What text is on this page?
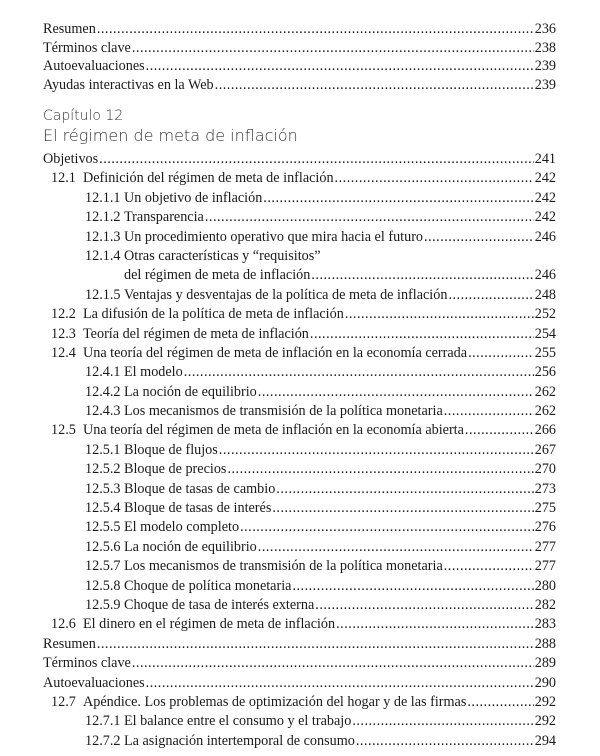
Resumen .....	236
Términos clave .....	238
Autoevaluaciones .....	239
Ayudas interactivas en la Web .....	239
Capítulo 12
El régimen de meta de inflación
Objetivos .....	241
12.1 Definición del régimen de meta de inflación .....	242
12.1.1 Un objetivo de inflación .....	242
12.1.2 Transparencia .....	242
12.1.3 Un procedimiento operativo que mira hacia el futuro .....	246
12.1.4 Otras características y “requisitos”
del régimen de meta de inflación .....	246
12.1.5 Ventajas y desventajas de la política de meta de inflación .....	248
12.2 La difusión de la política de meta de inflación .....	252
12.3 Teoría del régimen de meta de inflación .....	254
12.4 Una teoría del régimen de meta de inflación en la economía cerrada .....	255
12.4.1 El modelo .....	256
12.4.2 La noción de equilibrio .....	262
12.4.3 Los mecanismos de transmisión de la política monetaria .....	262
12.5 Una teoría del régimen de meta de inflación en la economía abierta .....	266
12.5.1 Bloque de flujos .....	267
12.5.2 Bloque de precios .....	270
12.5.3 Bloque de tasas de cambio .....	273
12.5.4 Bloque de tasas de interés .....	275
12.5.5 El modelo completo .....	276
12.5.6 La noción de equilibrio .....	277
12.5.7 Los mecanismos de transmisión de la política monetaria .....	277
12.5.8 Choque de política monetaria .....	280
12.5.9 Choque de tasa de interés externa .....	282
12.6 El dinero en el régimen de meta de inflación .....	283
Resumen .....	288
Términos clave .....	289
Autoevaluaciones .....	290
12.7 Apéndice. Los problemas de optimización del hogar y de las firmas .....	292
12.7.1 El balance entre el consumo y el trabajo .....	292
12.7.2 La asignación intertemporal de consumo .....	294
